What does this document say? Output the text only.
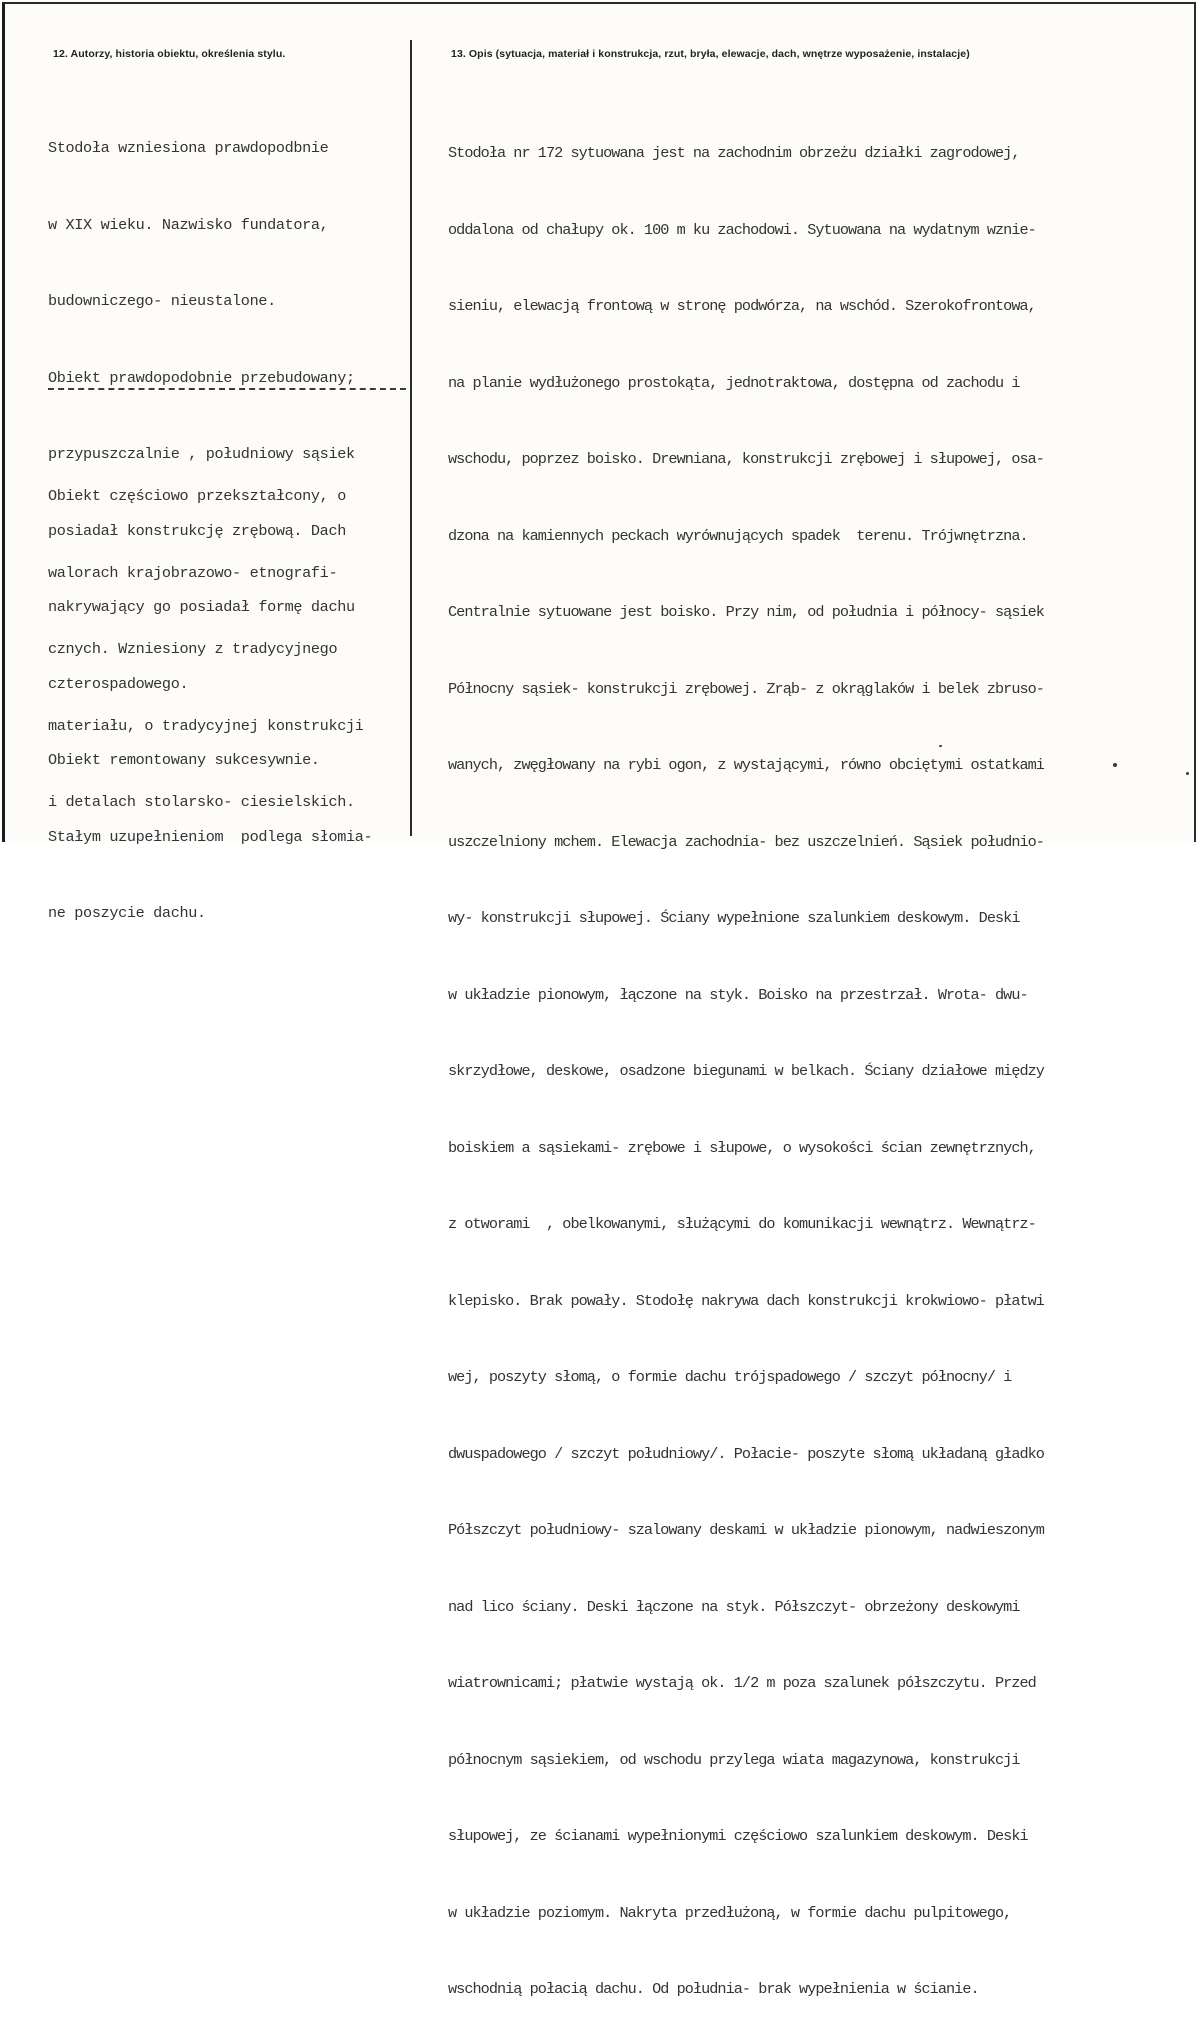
12. Autorzy, historia obiektu, określenia stylu.	13. Opis (sytuacja, materiał i konstrukcja, rzut, bryła, elewacje, dach, wnętrze wyposażenie, instalacje)

Stodoła wzniesiona prawdopodbnie

w XIX wieku. Nazwisko fundatora,

budowniczego- nieustalone.

Obiekt prawdopodobnie przebudowany;

przypuszczalnie , południowy sąsiek

posiadał konstrukcję zrębową. Dach

nakrywający go posiadał formę dachu

czterospadowego.

Obiekt remontowany sukcesywnie.

Stałym uzupełnieniom  podlega słomia-

ne poszycie dachu.

Obiekt częściowo przekształcony, o

walorach krajobrazowo- etnografi-

cznych. Wzniesiony z tradycyjnego

materiału, o tradycyjnej konstrukcji

i detalach stolarsko- ciesielskich.

Stodoła nr 172 sytuowana jest na zachodnim obrzeżu działki zagrodowej,

oddalona od chałupy ok. 100 m ku zachodowi. Sytuowana na wydatnym wznie-

sieniu, elewacją frontową w stronę podwórza, na wschód. Szerokofrontowa,

na planie wydłużonego prostokąta, jednotraktowa, dostępna od zachodu i

wschodu, poprzez boisko. Drewniana, konstrukcji zrębowej i słupowej, osa-

dzona na kamiennych peckach wyrównujących spadek  terenu. Trójwnętrzna.

Centralnie sytuowane jest boisko. Przy nim, od południa i północy- sąsiek

Północny sąsiek- konstrukcji zrębowej. Zrąb- z okrąglaków i belek zbruso-

wanych, zwęgłowany na rybi ogon, z wystającymi, równo obciętymi ostatkami

uszczelniony mchem. Elewacja zachodnia- bez uszczelnień. Sąsiek południo-

wy- konstrukcji słupowej. Ściany wypełnione szalunkiem deskowym. Deski

w układzie pionowym, łączone na styk. Boisko na przestrzał. Wrota- dwu-

skrzydłowe, deskowe, osadzone biegunami w belkach. Ściany działowe między

boiskiem a sąsiekami- zrębowe i słupowe, o wysokości ścian zewnętrznych,

z otworami  , obelkowanymi, służącymi do komunikacji wewnątrz. Wewnątrz-

klepisko. Brak powały. Stodołę nakrywa dach konstrukcji krokwiowo- płatwi

wej, poszyty słomą, o formie dachu trójspadowego / szczyt północny/ i

dwuspadowego / szczyt południowy/. Połacie- poszyte słomą układaną gładko

Półszczyt południowy- szalowany deskami w układzie pionowym, nadwieszonym

nad lico ściany. Deski łączone na styk. Półszczyt- obrzeżony deskowymi

wiatrownicami; płatwie wystają ok. 1/2 m poza szalunek półszczytu. Przed

północnym sąsiekiem, od wschodu przylega wiata magazynowa, konstrukcji

słupowej, ze ścianami wypełnionymi częściowo szalunkiem deskowym. Deski

w układzie poziomym. Nakryta przedłużoną, w formie dachu pulpitowego,

wschodnią połacią dachu. Od południa- brak wypełnienia w ścianie.
